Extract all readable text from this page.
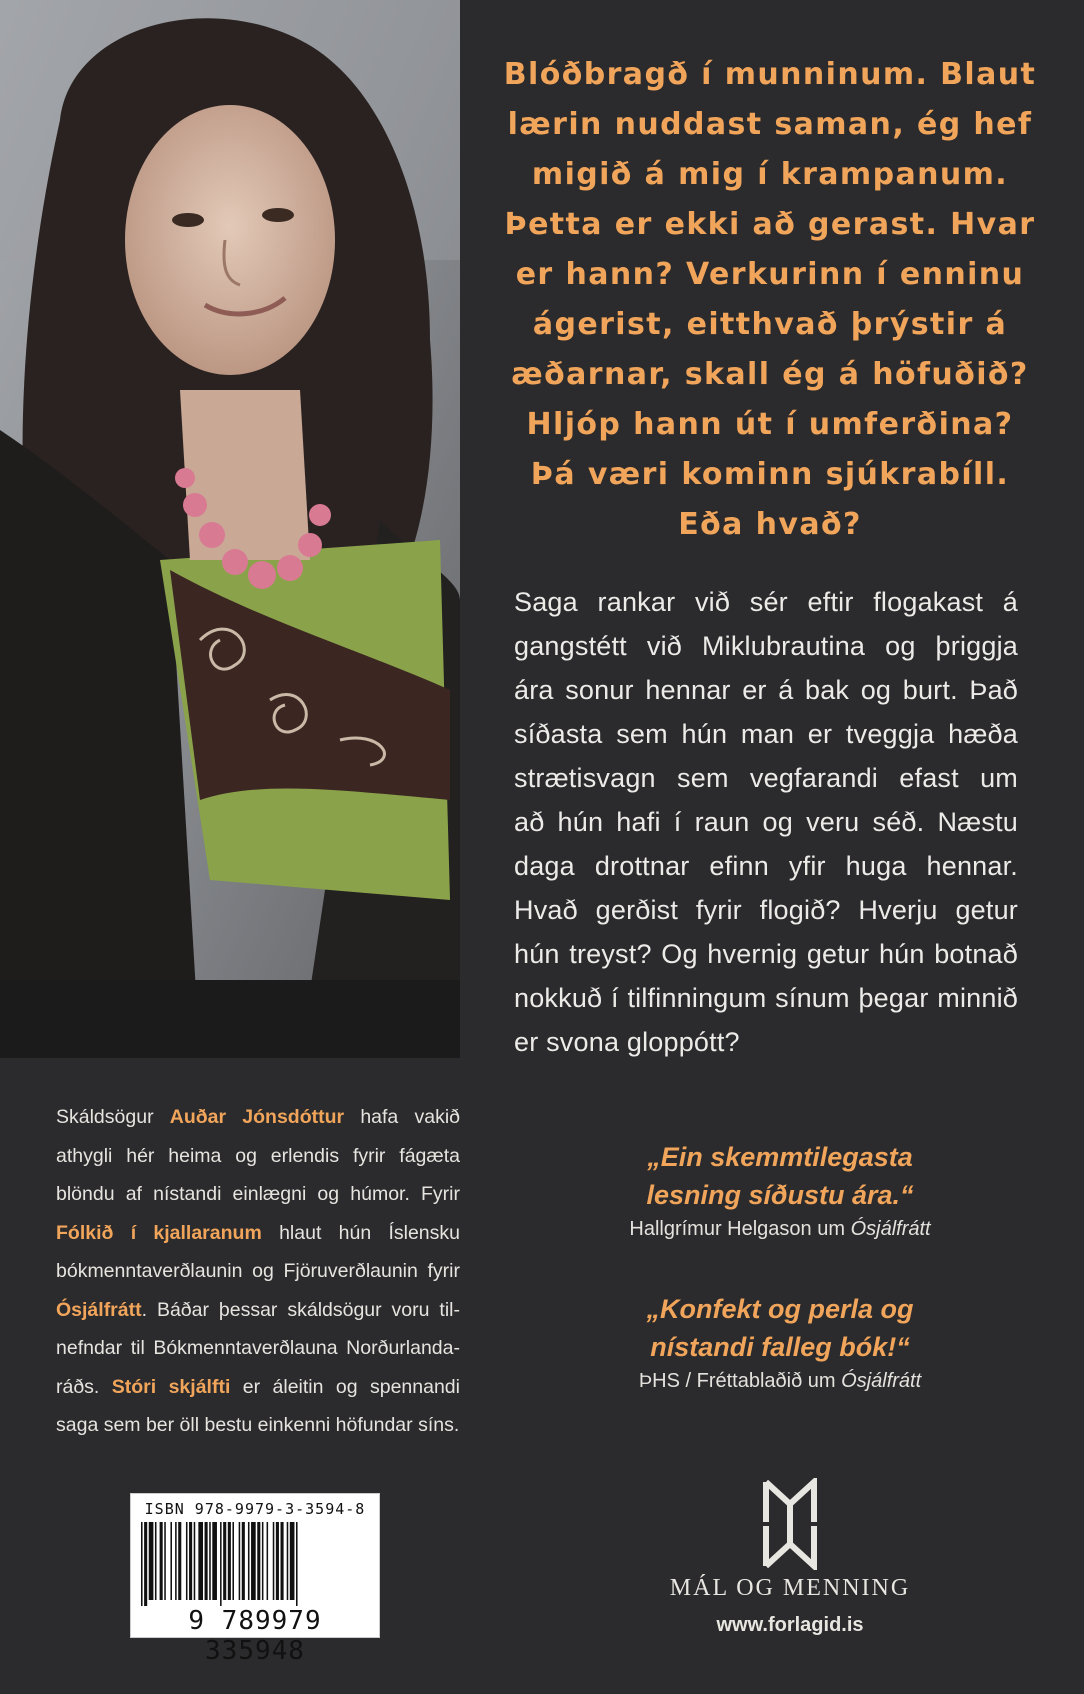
Blóðbragð í munninum. Blaut
lærin nuddast saman, ég hef
migið á mig í krampanum.
Þetta er ekki að gerast. Hvar
er hann? Verkurinn í enninu
ágerist, eitthvað þrýstir á
æðarnar, skall ég á höfuðið?
Hljóp hann út í umferðina?
Þá væri kominn sjúkrabíll.
Eða hvað?
Saga rankar við sér eftir flogakast á
gangstétt við Miklubrautina og þriggja
ára sonur hennar er á bak og burt. Það
síðasta sem hún man er tveggja hæða
strætisvagn sem vegfarandi efast um
að hún hafi í raun og veru séð. Næstu
daga drottnar efinn yfir huga hennar.
Hvað gerðist fyrir flogið? Hverju getur
hún treyst? Og hvernig getur hún botnað
nokkuð í tilfinningum sínum þegar minnið
er svona gloppótt?
„Ein skemmtilegasta
lesning síðustu ára.“
Hallgrímur Helgason um Ósjálfrátt
„Konfekt og perla og
nístandi falleg bók!“
ÞHS / Fréttablaðið um Ósjálfrátt
Skáldsögur Auðar Jónsdóttur hafa vakið
athygli hér heima og erlendis fyrir fágæta
blöndu af nístandi einlægni og húmor. Fyrir
Fólkið í kjallaranum hlaut hún Íslensku
bókmenntaverðlaunin og Fjöruverðlaunin fyrir
Ósjálfrátt. Báðar þessar skáldsögur voru til-
nefndar til Bókmenntaverðlauna Norðurlanda-
ráðs. Stóri skjálfti er áleitin og spennandi
saga sem ber öll bestu einkenni höfundar síns.
ISBN 978-9979-3-3594-8
9 789979 335948
MÁL OG MENNING
www.forlagid.is
